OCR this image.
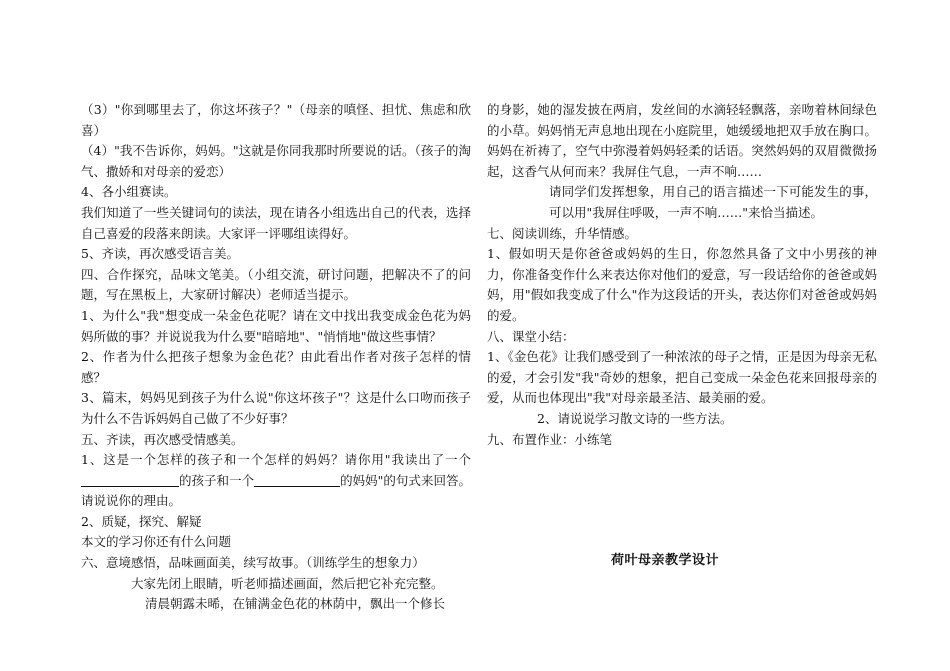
（3）"你到哪里去了，你这坏孩子？"（母亲的嗔怪、担忧、焦虑和欣喜）

（4）"我不告诉你，妈妈。"这就是你同我那时所要说的话。（孩子的淘气、撒娇和对母亲的爱恋）

4、各小组赛读。

我们知道了一些关键词句的读法，现在请各小组选出自己的代表，选择自己喜爱的段落来朗读。大家评一评哪组读得好。

5、齐读，再次感受语言美。

四、合作探究，品味文笔美。（小组交流，研讨问题，把解决不了的问题，写在黑板上，大家研讨解决）老师适当提示。

1、为什么"我"想变成一朵金色花呢？请在文中找出我变成金色花为妈妈所做的事？并说说我为什么要"暗暗地"、"悄悄地"做这些事情？

2、作者为什么把孩子想象为金色花？由此看出作者对孩子怎样的情感？

3、篇末，妈妈见到孩子为什么说"你这坏孩子"？这是什么口吻而孩子为什么不告诉妈妈自己做了不少好事？

五、齐读，再次感受情感美。

1、这是一个怎样的孩子和一个怎样的妈妈？请你用"我读出了一个的孩子和一个	的妈妈"的句式来回答。请说说你的理由。

2、质疑，探究、解疑

本文的学习你还有什么问题

六、意境感悟，品味画面美，续写故事。（训练学生的想象力）

大家先闭上眼睛，听老师描述画面，然后把它补充完整。

清晨朝露未晞，在铺满金色花的林荫中，飘出一个修长

的身影，她的湿发披在两肩，发丝间的水滴轻轻飘落，亲吻着林间绿色的小草。妈妈悄无声息地出现在小庭院里，她缓缓地把双手放在胸口。妈妈在祈祷了，空气中弥漫着妈妈轻柔的话语。突然妈妈的双眉微微扬起，这香气从何而来？我屏住气息，一声不响……

请同学们发挥想象，用自己的语言描述一下可能发生的事，可以用"我屏住呼吸，一声不响……"来恰当描述。

七、阅读训练，升华情感。

1、假如明天是你爸爸或妈妈的生日，你忽然具备了文中小男孩的神力，你准备变作什么来表达你对他们的爱意，写一段话给你的爸爸或妈妈，用"假如我变成了什么"作为这段话的开头，表达你们对爸爸或妈妈的爱。

八、课堂小结：

1、《金色花》让我们感受到了一种浓浓的母子之情，正是因为母亲无私的爱，才会引发"我"奇妙的想象，把自己变成一朵金色花来回报母亲的爱，从而也体现出"我"对母亲最圣洁、最美丽的爱。

2、请说说学习散文诗的一些方法。

九、布置作业：小练笔

荷叶母亲教学设计
